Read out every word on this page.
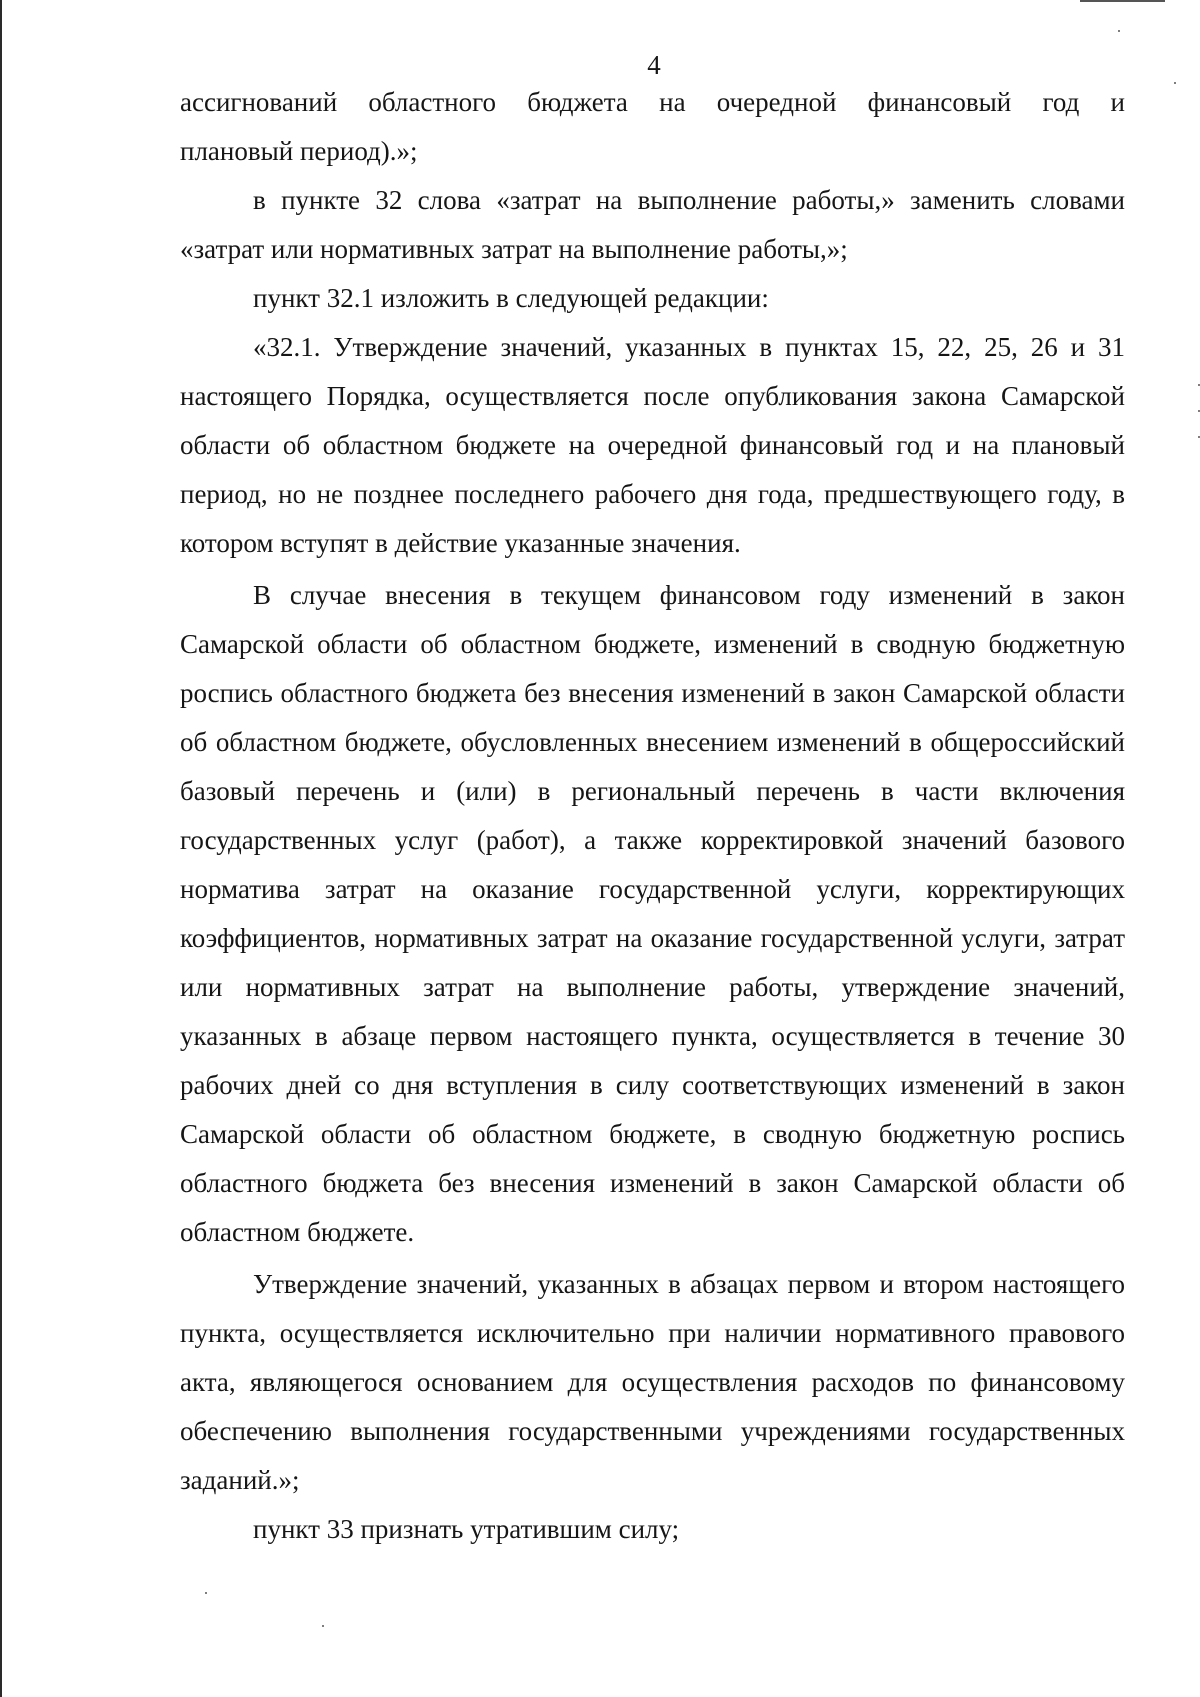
4

ассигнований областного бюджета на очередной финансовый год и
плановый период).»;

в пункте 32 слова «затрат на выполнение работы,» заменить словами «затрат или нормативных затрат на выполнение работы,»;

пункт 32.1 изложить в следующей редакции:

«32.1. Утверждение значений, указанных в пунктах 15, 22, 25, 26 и 31 настоящего Порядка, осуществляется после опубликования закона Самарской области об областном бюджете на очередной финансовый год и на плановый период, но не позднее последнего рабочего дня года, предшествующего году, в котором вступят в действие указанные значения.

В случае внесения в текущем финансовом году изменений в закон Самарской области об областном бюджете, изменений в сводную бюджетную роспись областного бюджета без внесения изменений в закон Самарской области об областном бюджете, обусловленных внесением изменений в общероссийский базовый перечень и (или) в региональный перечень в части включения государственных услуг (работ), а также корректировкой значений базового норматива затрат на оказание государственной услуги, корректирующих коэффициентов, нормативных затрат на оказание государственной услуги, затрат или нормативных затрат на выполнение работы, утверждение значений, указанных в абзаце первом настоящего пункта, осуществляется в течение 30 рабочих дней со дня вступления в силу соответствующих изменений в закон Самарской области об областном бюджете, в сводную бюджетную роспись областного бюджета без внесения изменений в закон Самарской области об областном бюджете.

Утверждение значений, указанных в абзацах первом и втором настоящего пункта, осуществляется исключительно при наличии нормативного правового акта, являющегося основанием для осуществления расходов по финансовому обеспечению выполнения государственными учреждениями государственных заданий.»;

пункт 33 признать утратившим силу;
